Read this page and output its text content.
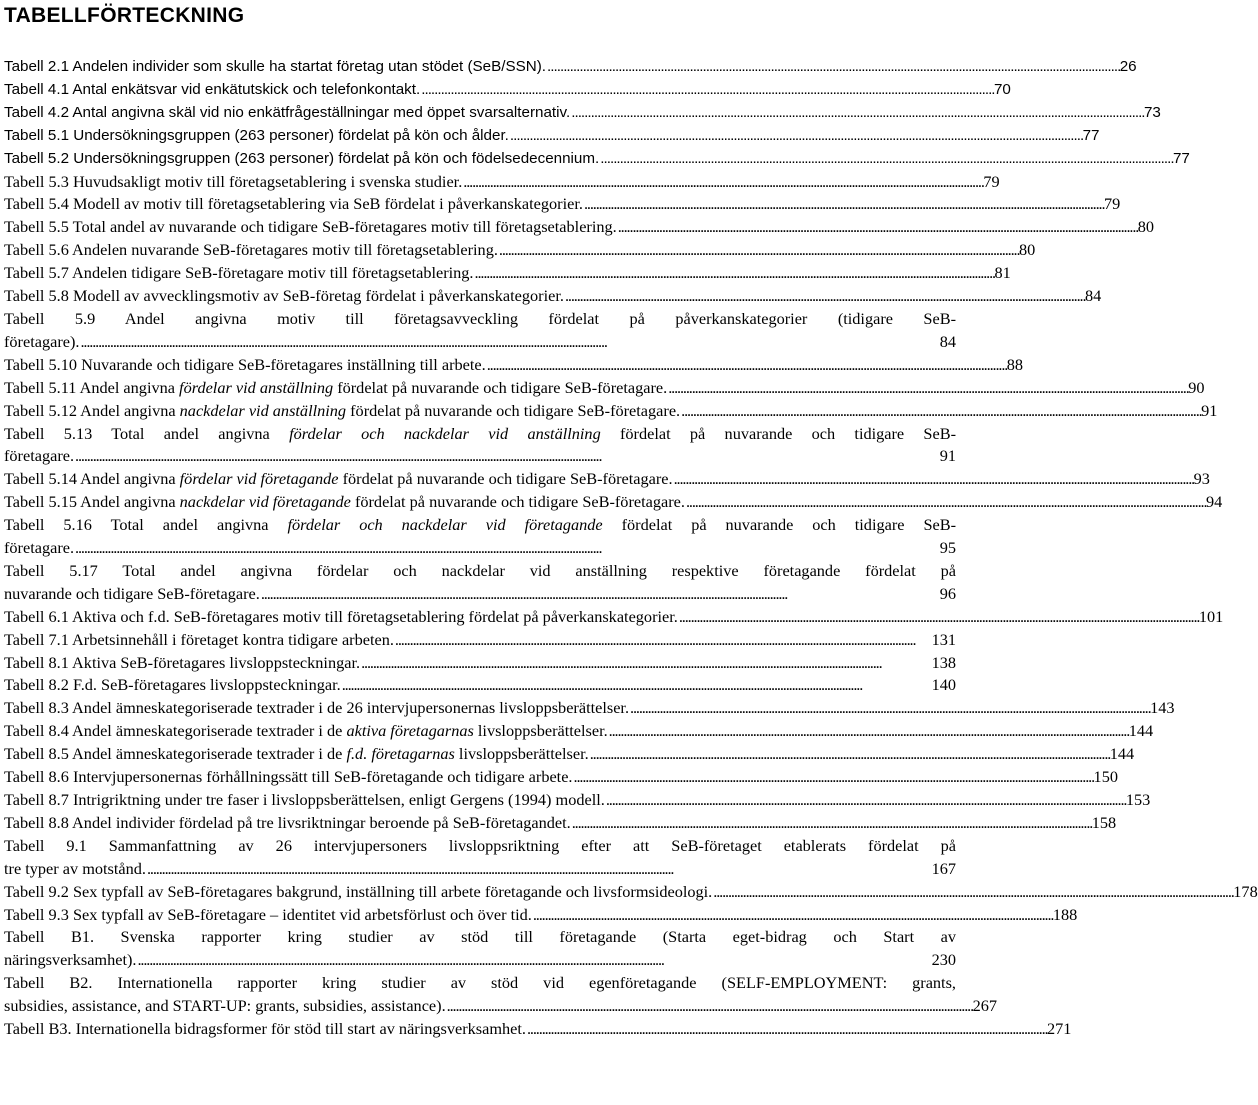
TABELLFÖRTECKNING
Tabell 2.1 Andelen individer som skulle ha startat företag utan stödet (SeB/SSN). . . .	26
Tabell 4.1 Antal enkätsvar vid enkätutskick och telefonkontakt. . . .	70
Tabell 4.2 Antal angivna skäl vid nio enkätfrågeställningar med öppet svarsalternativ. . . .	73
Tabell 5.1 Undersökningsgruppen (263 personer) fördelat på kön och ålder. . . .	77
Tabell 5.2 Undersökningsgruppen (263 personer) fördelat på kön och födelsedecennium. . . .	77
Tabell 5.3 Huvudsakligt motiv till företagsetablering i svenska studier. . . .	79
Tabell 5.4 Modell av motiv till företagsetablering via SeB fördelat i påverkanskategorier. . . .	79
Tabell 5.5 Total andel av nuvarande och tidigare SeB-företagares motiv till företagsetablering. . . .	80
Tabell 5.6 Andelen nuvarande SeB-företagares motiv till företagsetablering. . . .	80
Tabell 5.7 Andelen tidigare SeB-företagare motiv till företagsetablering. . . .	81
Tabell 5.8 Modell av avvecklingsmotiv av SeB-företag fördelat i påverkanskategorier. . . .	84
Tabell 5.9 Andel angivna motiv till företagsavveckling fördelat på påverkanskategorier (tidigare SeB-
företagare). . . .	84
Tabell 5.10 Nuvarande och tidigare SeB-företagares inställning till arbete. . . .	88
Tabell 5.11 Andel angivna fördelar vid anställning fördelat på nuvarande och tidigare SeB-företagare. . . .	90
Tabell 5.12 Andel angivna nackdelar vid anställning fördelat på nuvarande och tidigare SeB-företagare. . . .	91
Tabell 5.13 Total andel angivna fördelar och nackdelar vid anställning fördelat på nuvarande och tidigare SeB-
företagare. . . .	91
Tabell 5.14 Andel angivna fördelar vid företagande fördelat på nuvarande och tidigare SeB-företagare. . . .	93
Tabell 5.15 Andel angivna nackdelar vid företagande fördelat på nuvarande och tidigare SeB-företagare. . . .	94
Tabell 5.16 Total andel angivna fördelar och nackdelar vid företagande fördelat på nuvarande och tidigare SeB-
företagare. . . .	95
Tabell 5.17 Total andel angivna fördelar och nackdelar vid anställning respektive företagande fördelat på
nuvarande och tidigare SeB-företagare. . . .	96
Tabell 6.1 Aktiva och f.d. SeB-företagares motiv till företagsetablering fördelat på påverkanskategorier. . . .	101
Tabell 7.1 Arbetsinnehåll i företaget kontra tidigare arbeten. . . .	131
Tabell 8.1 Aktiva SeB-företagares livsloppsteckningar. . . .	138
Tabell 8.2 F.d. SeB-företagares livsloppsteckningar. . . .	140
Tabell 8.3 Andel ämneskategoriserade textrader i de 26 intervjupersonernas livsloppsberättelser. . . .	143
Tabell 8.4 Andel ämneskategoriserade textrader i de aktiva företagarnas livsloppsberättelser. . . .	144
Tabell 8.5 Andel ämneskategoriserade textrader i de f.d. företagarnas livsloppsberättelser. . . .	144
Tabell 8.6 Intervjupersonernas förhållningssätt till SeB-företagande och tidigare arbete. . . .	150
Tabell 8.7 Intrigriktning under tre faser i livsloppsberättelsen, enligt Gergens (1994) modell. . . .	153
Tabell 8.8 Andel individer fördelad på tre livsriktningar beroende på SeB-företagandet. . . .	158
Tabell 9.1 Sammanfattning av 26 intervjupersoners livsloppsriktning efter att SeB-företaget etablerats fördelat på
tre typer av motstånd. . . .	167
Tabell 9.2 Sex typfall av SeB-företagares bakgrund, inställning till arbete företagande och livsformsideologi. . . .	178
Tabell 9.3 Sex typfall av SeB-företagare – identitet vid arbetsförlust och över tid. . . .	188
Tabell B1. Svenska rapporter kring studier av stöd till företagande (Starta eget-bidrag och Start av
näringsverksamhet). . . .	230
Tabell B2. Internationella rapporter kring studier av stöd vid egenföretagande (SELF-EMPLOYMENT: grants,
subsidies, assistance, and START-UP: grants, subsidies, assistance). . . .	267
Tabell B3. Internationella bidragsformer för stöd till start av näringsverksamhet. . . .	271
